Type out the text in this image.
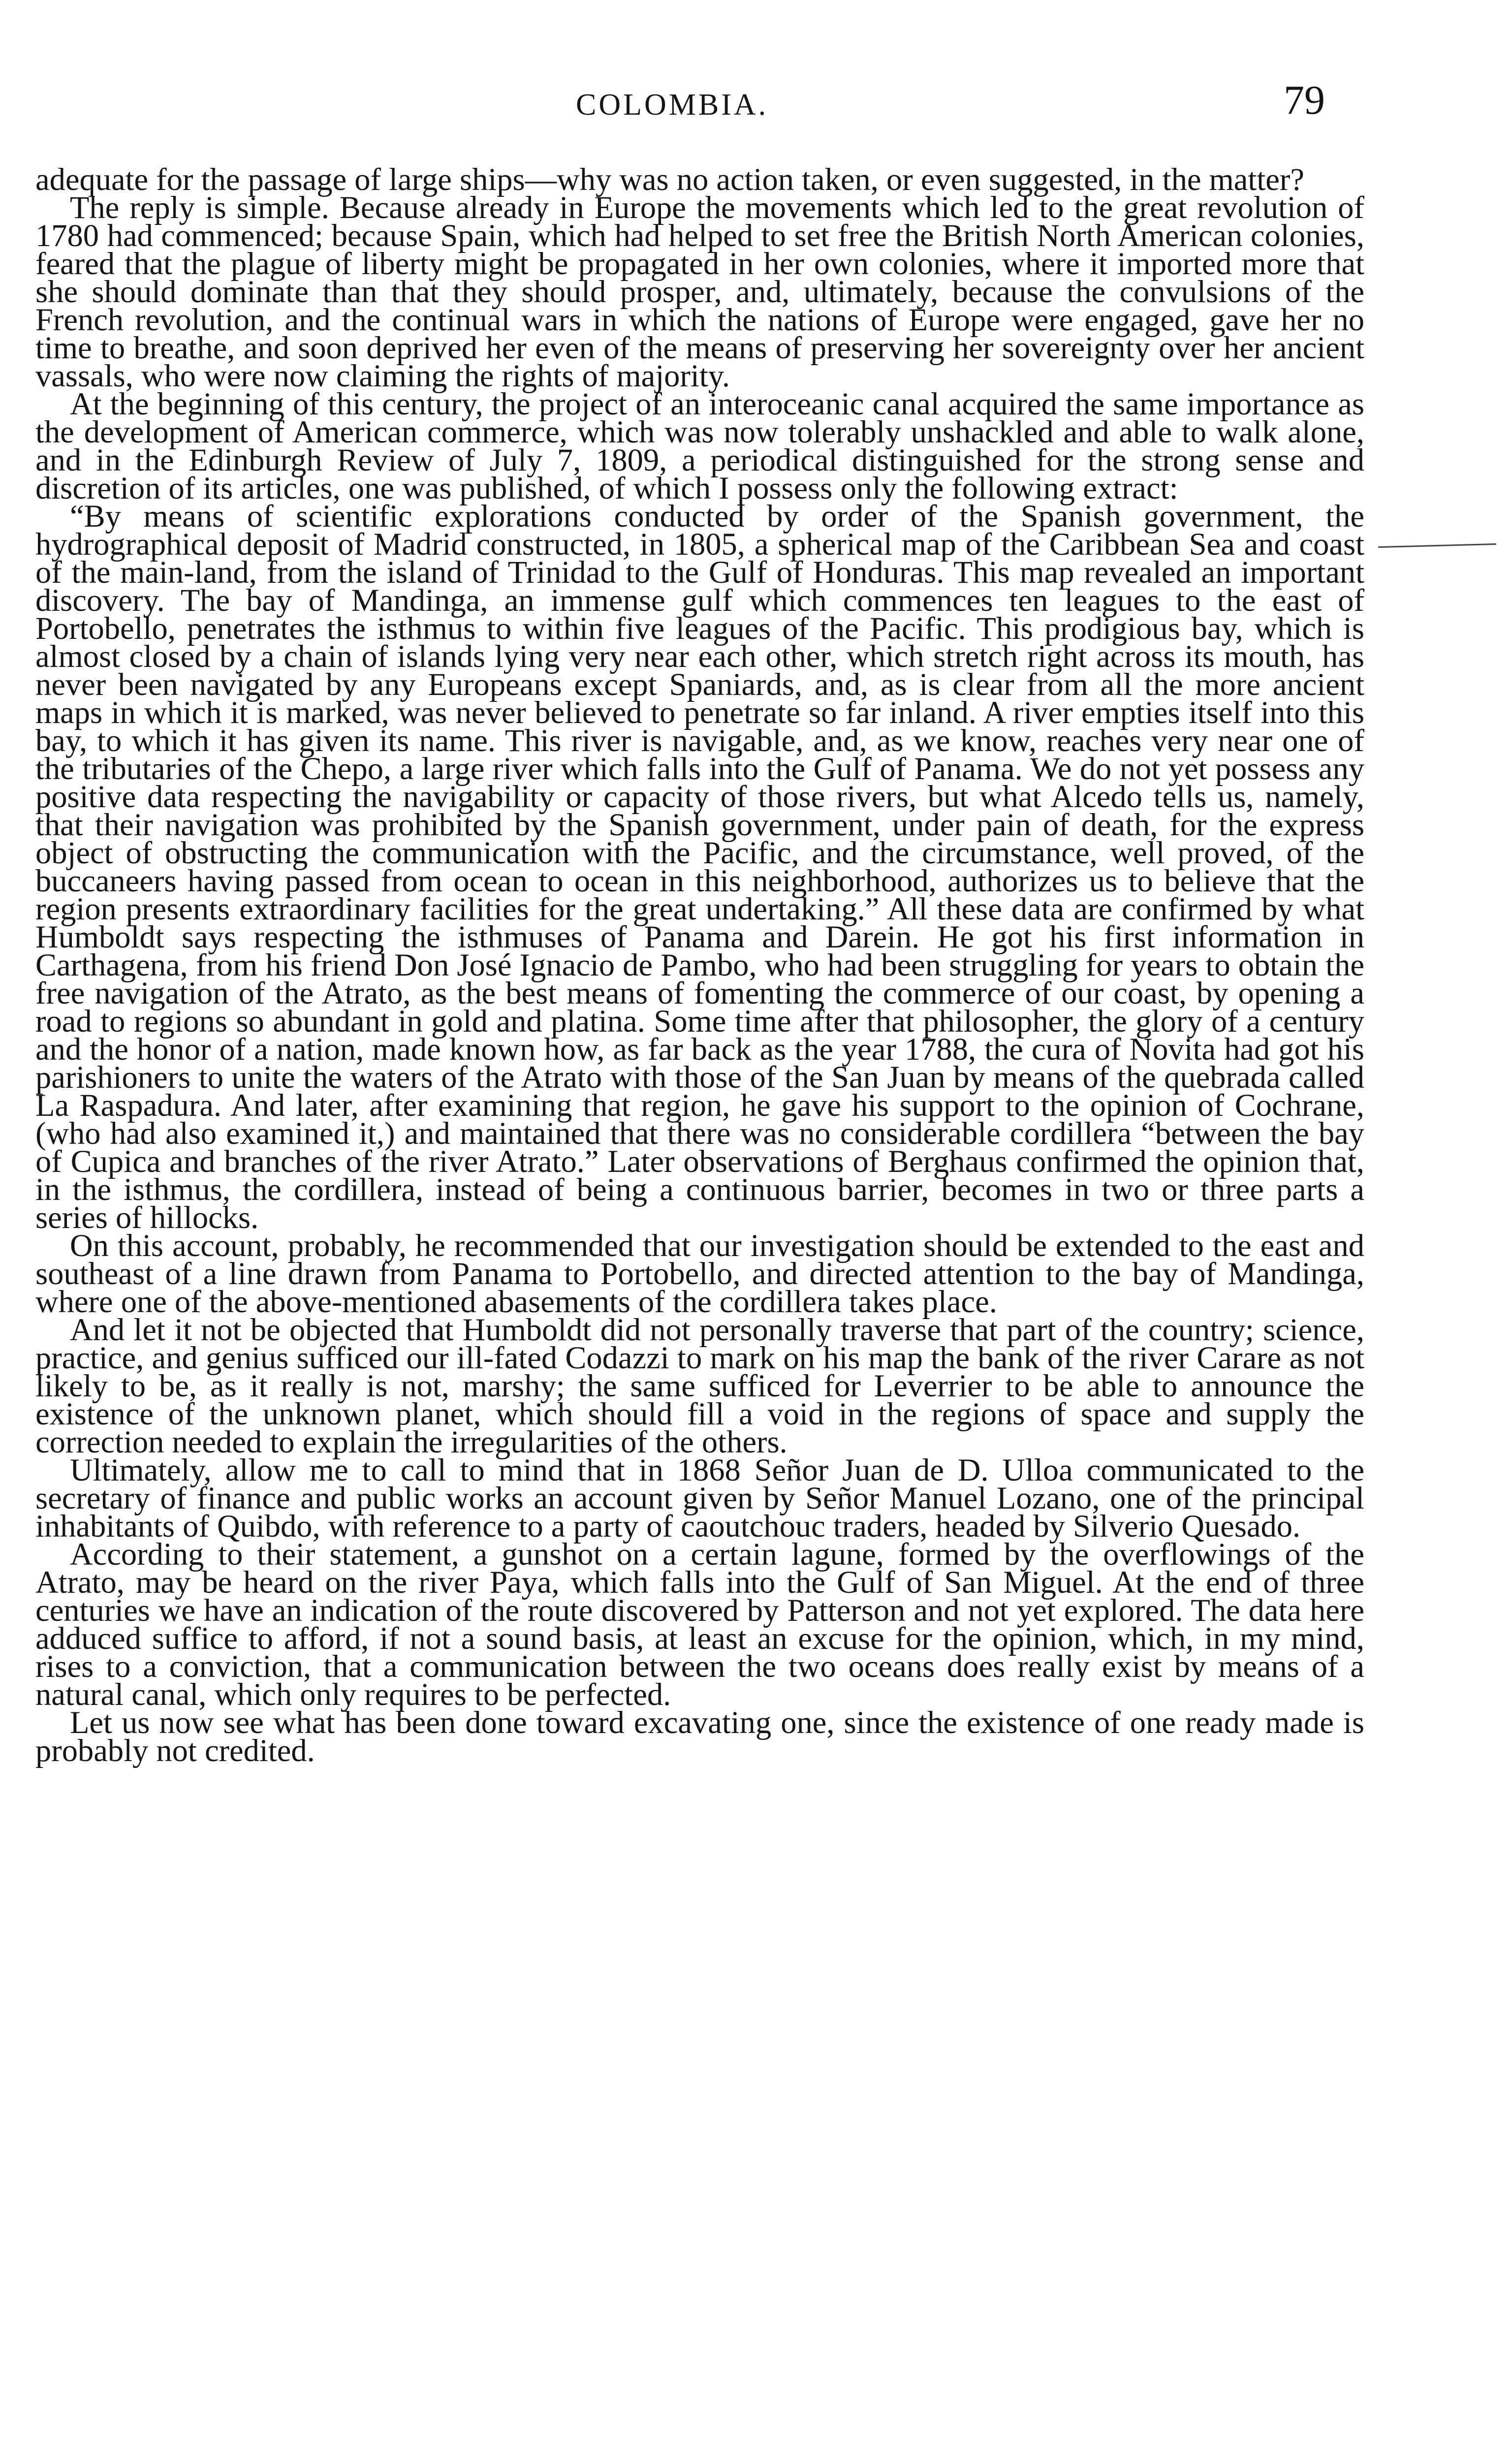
COLOMBIA.	79

adequate for the passage of large ships—why was no action taken, or even suggested, in the matter?

The reply is simple. Because already in Europe the movements which led to the great revolution of 1780 had commenced; because Spain, which had helped to set free the British North American colonies, feared that the plague of liberty might be propagated in her own colonies, where it imported more that she should dominate than that they should prosper, and, ultimately, because the convulsions of the French revolution, and the continual wars in which the nations of Europe were engaged, gave her no time to breathe, and soon deprived her even of the means of preserving her sovereignty over her ancient vassals, who were now claiming the rights of majority.

At the beginning of this century, the project of an interoceanic canal acquired the same importance as the development of American commerce, which was now tolerably unshackled and able to walk alone, and in the Edinburgh Review of July 7, 1809, a periodical distinguished for the strong sense and discretion of its articles, one was published, of which I possess only the following extract:

“By means of scientific explorations conducted by order of the Spanish government, the hydrographical deposit of Madrid constructed, in 1805, a spherical map of the Caribbean Sea and coast of the main-land, from the island of Trinidad to the Gulf of Honduras. This map revealed an important discovery. The bay of Mandinga, an immense gulf which commences ten leagues to the east of Portobello, penetrates the isthmus to within five leagues of the Pacific. This prodigious bay, which is almost closed by a chain of islands lying very near each other, which stretch right across its mouth, has never been navigated by any Europeans except Spaniards, and, as is clear from all the more ancient maps in which it is marked, was never believed to penetrate so far inland. A river empties itself into this bay, to which it has given its name. This river is navigable, and, as we know, reaches very near one of the tributaries of the Chepo, a large river which falls into the Gulf of Panama. We do not yet possess any positive data respecting the navigability or capacity of those rivers, but what Alcedo tells us, namely, that their navigation was prohibited by the Spanish government, under pain of death, for the express object of obstructing the communication with the Pacific, and the circumstance, well proved, of the buccaneers having passed from ocean to ocean in this neighborhood, authorizes us to believe that the region presents extraordinary facilities for the great undertaking.” All these data are confirmed by what Humboldt says respecting the isthmuses of Panama and Darein. He got his first information in Carthagena, from his friend Don José Ignacio de Pambo, who had been struggling for years to obtain the free navigation of the Atrato, as the best means of fomenting the commerce of our coast, by opening a road to regions so abundant in gold and platina. Some time after that philosopher, the glory of a century and the honor of a nation, made known how, as far back as the year 1788, the cura of Novita had got his parishioners to unite the waters of the Atrato with those of the San Juan by means of the quebrada called La Raspadura. And later, after examining that region, he gave his support to the opinion of Cochrane, (who had also examined it,) and maintained that there was no considerable cordillera “between the bay of Cupica and branches of the river Atrato.” Later observations of Berghaus confirmed the opinion that, in the isthmus, the cordillera, instead of being a continuous barrier, becomes in two or three parts a series of hillocks.

On this account, probably, he recommended that our investigation should be extended to the east and southeast of a line drawn from Panama to Portobello, and directed attention to the bay of Mandinga, where one of the above-mentioned abasements of the cordillera takes place.

And let it not be objected that Humboldt did not personally traverse that part of the country; science, practice, and genius sufficed our ill-fated Codazzi to mark on his map the bank of the river Carare as not likely to be, as it really is not, marshy; the same sufficed for Leverrier to be able to announce the existence of the unknown planet, which should fill a void in the regions of space and supply the correction needed to explain the irregularities of the others.

Ultimately, allow me to call to mind that in 1868 Señor Juan de D. Ulloa communicated to the secretary of finance and public works an account given by Señor Manuel Lozano, one of the principal inhabitants of Quibdo, with reference to a party of caoutchouc traders, headed by Silverio Quesado.

According to their statement, a gunshot on a certain lagune, formed by the overflowings of the Atrato, may be heard on the river Paya, which falls into the Gulf of San Miguel. At the end of three centuries we have an indication of the route discovered by Patterson and not yet explored. The data here adduced suffice to afford, if not a sound basis, at least an excuse for the opinion, which, in my mind, rises to a conviction, that a communication between the two oceans does really exist by means of a natural canal, which only requires to be perfected.

Let us now see what has been done toward excavating one, since the existence of one ready made is probably not credited.
